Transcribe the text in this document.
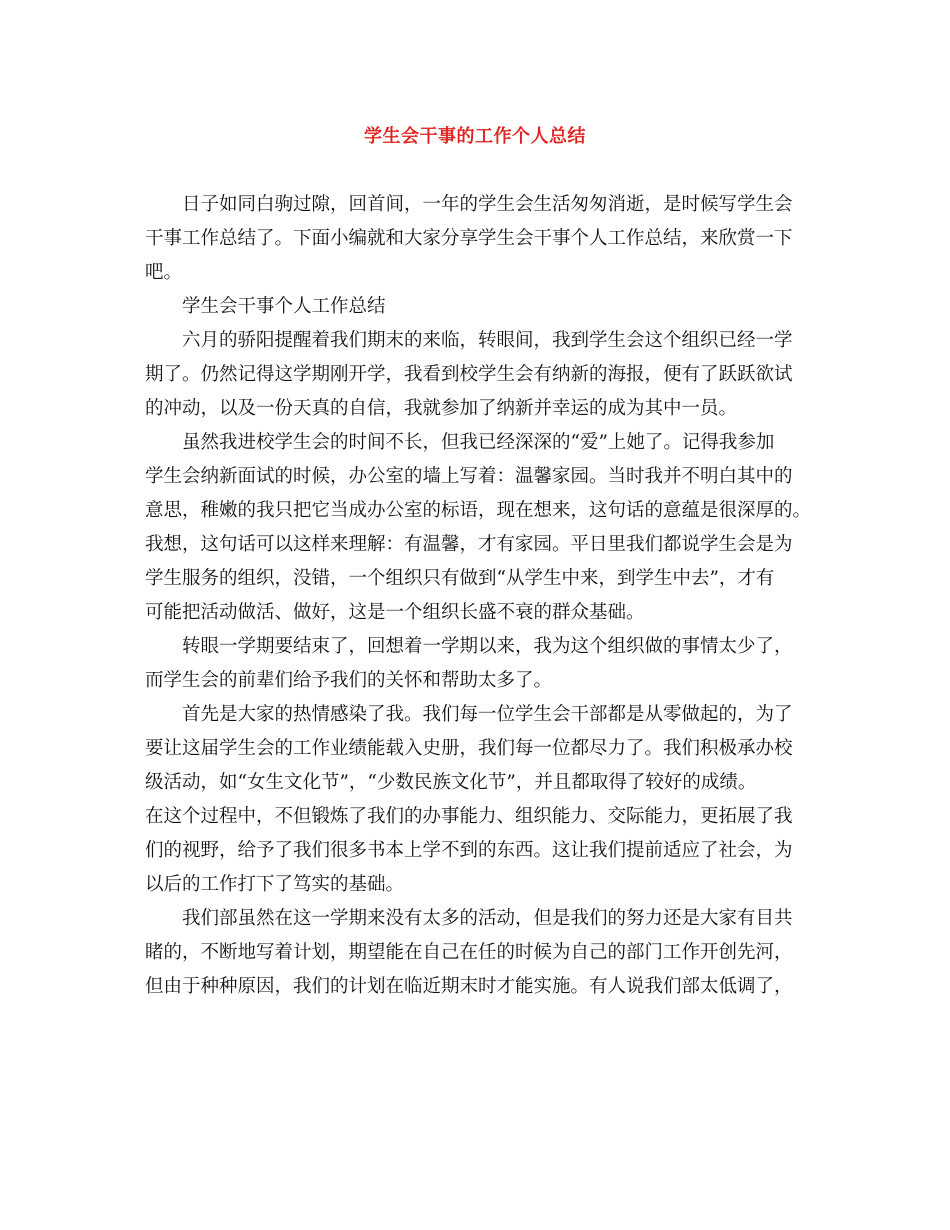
学生会干事的工作个人总结
日子如同白驹过隙，回首间，一年的学生会生活匆匆消逝，是时候写学生会
干事工作总结了。下面小编就和大家分享学生会干事个人工作总结，来欣赏一下
吧。
学生会干事个人工作总结
六月的骄阳提醒着我们期末的来临，转眼间，我到学生会这个组织已经一学
期了。仍然记得这学期刚开学，我看到校学生会有纳新的海报，便有了跃跃欲试
的冲动，以及一份天真的自信，我就参加了纳新并幸运的成为其中一员。
虽然我进校学生会的时间不长，但我已经深深的“爱”上她了。记得我参加
学生会纳新面试的时候，办公室的墙上写着：温馨家园。当时我并不明白其中的
意思，稚嫩的我只把它当成办公室的标语，现在想来，这句话的意蕴是很深厚的。
我想，这句话可以这样来理解：有温馨，才有家园。平日里我们都说学生会是为
学生服务的组织，没错，一个组织只有做到“从学生中来，到学生中去”，才有
可能把活动做活、做好，这是一个组织长盛不衰的群众基础。
转眼一学期要结束了，回想着一学期以来，我为这个组织做的事情太少了，
而学生会的前辈们给予我们的关怀和帮助太多了。
首先是大家的热情感染了我。我们每一位学生会干部都是从零做起的，为了
要让这届学生会的工作业绩能载入史册，我们每一位都尽力了。我们积极承办校
级活动，如“女生文化节”，“少数民族文化节”，并且都取得了较好的成绩。
在这个过程中，不但锻炼了我们的办事能力、组织能力、交际能力，更拓展了我
们的视野，给予了我们很多书本上学不到的东西。这让我们提前适应了社会，为
以后的工作打下了笃实的基础。
我们部虽然在这一学期来没有太多的活动，但是我们的努力还是大家有目共
睹的，不断地写着计划，期望能在自己在任的时候为自己的部门工作开创先河，
但由于种种原因，我们的计划在临近期末时才能实施。有人说我们部太低调了，
